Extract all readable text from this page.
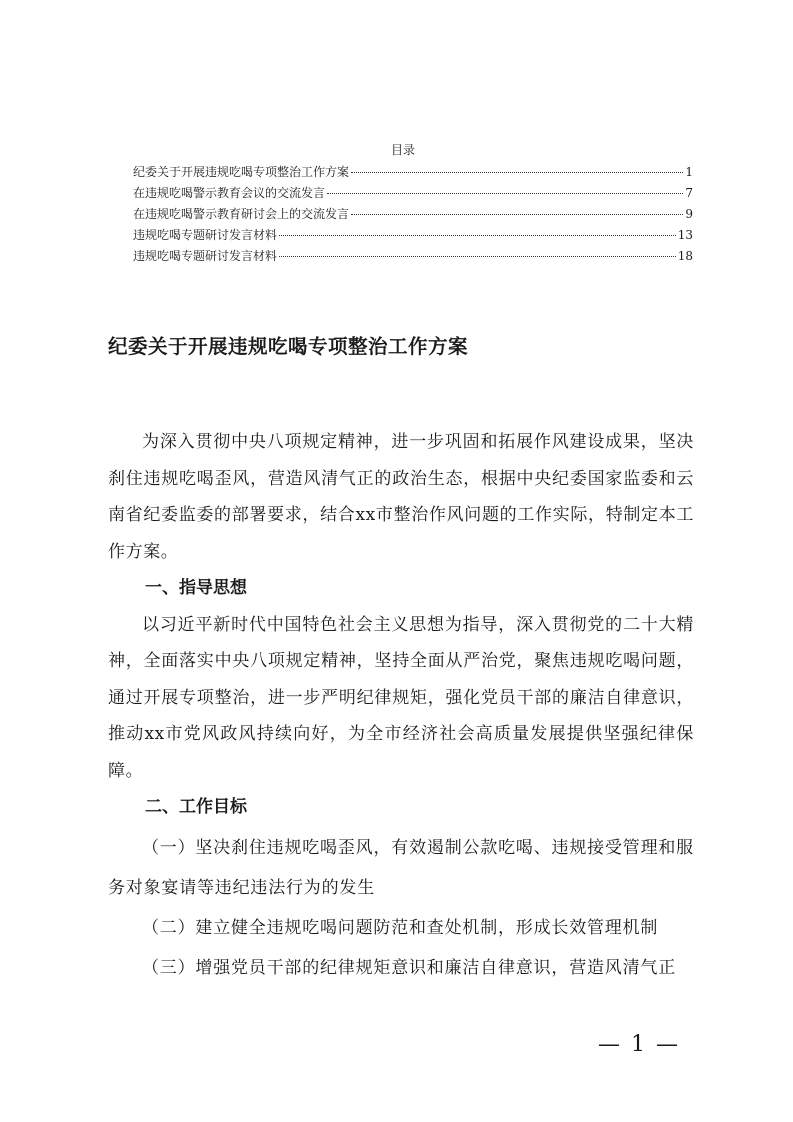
目录
纪委关于开展违规吃喝专项整治工作方案	1
在违规吃喝警示教育会议的交流发言	7
在违规吃喝警示教育研讨会上的交流发言	9
违规吃喝专题研讨发言材料	13
违规吃喝专题研讨发言材料	18
纪委关于开展违规吃喝专项整治工作方案

为深入贯彻中央八项规定精神，进一步巩固和拓展作风建设成果，坚决刹住违规吃喝歪风，营造风清气正的政治生态，根据中央纪委国家监委和云南省纪委监委的部署要求，结合xx市整治作风问题的工作实际，特制定本工作方案。

一、指导思想

以习近平新时代中国特色社会主义思想为指导，深入贯彻党的二十大精神，全面落实中央八项规定精神，坚持全面从严治党，聚焦违规吃喝问题，通过开展专项整治，进一步严明纪律规矩，强化党员干部的廉洁自律意识，推动xx市党风政风持续向好，为全市经济社会高质量发展提供坚强纪律保障。

二、工作目标

（一）坚决刹住违规吃喝歪风，有效遏制公款吃喝、违规接受管理和服务对象宴请等违纪违法行为的发生

（二）建立健全违规吃喝问题防范和查处机制，形成长效管理机制

（三）增强党员干部的纪律规矩意识和廉洁自律意识，营造风清气正

— 1 —
